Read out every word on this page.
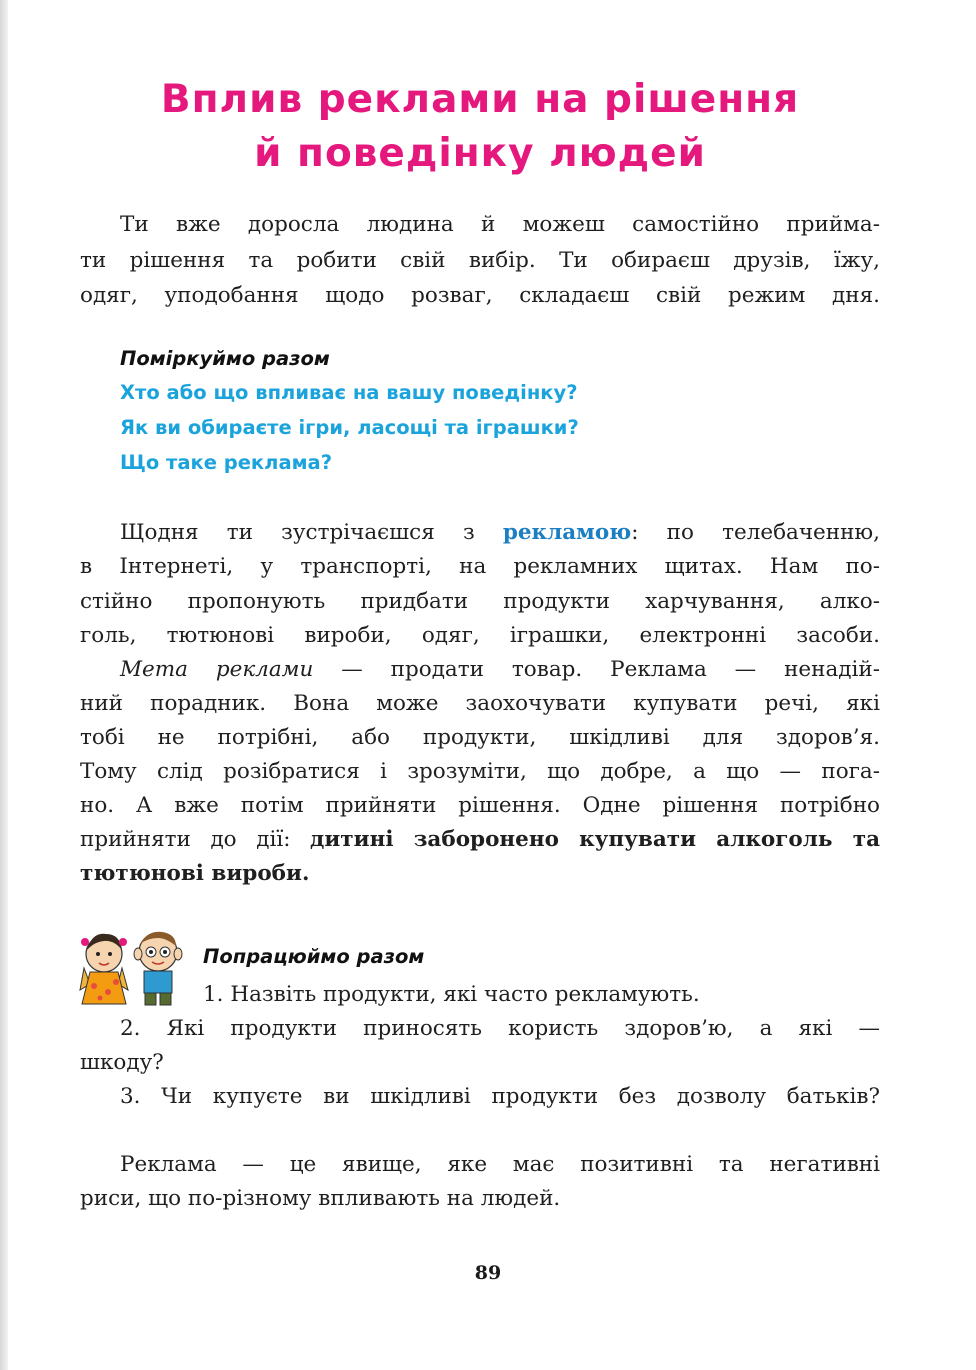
Вплив реклами на рішення
й поведінку людей
Ти вже доросла людина й можеш самостійно прийма-
ти рішення та робити свій вибір. Ти обираєш друзів, їжу,
одяг, уподобання щодо розваг, складаєш свій режим дня.
Поміркуймо разом
Хто або що впливає на вашу поведінку?
Як ви обираєте ігри, ласощі та іграшки?
Що таке реклама?
Щодня ти зустрічаєшся з рекламою: по телебаченню,
в Інтернеті, у транспорті, на рекламних щитах. Нам по-
стійно пропонують придбати продукти харчування, алко-
голь, тютюнові вироби, одяг, іграшки, електронні засоби.
Мета реклами — продати товар. Реклама — ненадій-
ний порадник. Вона може заохочувати купувати речі, які
тобі не потрібні, або продукти, шкідливі для здоров’я.
Тому слід розібратися і зрозуміти, що добре, а що — пога-
но. А вже потім прийняти рішення. Одне рішення потрібно
прийняти до дії: дитині заборонено купувати алкоголь та
тютюнові вироби.
Попрацюймо разом
1. Назвіть продукти, які часто рекламують.
2. Які продукти приносять користь здоров’ю, а які —
шкоду?
3. Чи купуєте ви шкідливі продукти без дозволу батьків?
Реклама — це явище, яке має позитивні та негативні
риси, що по-різному впливають на людей.
89
